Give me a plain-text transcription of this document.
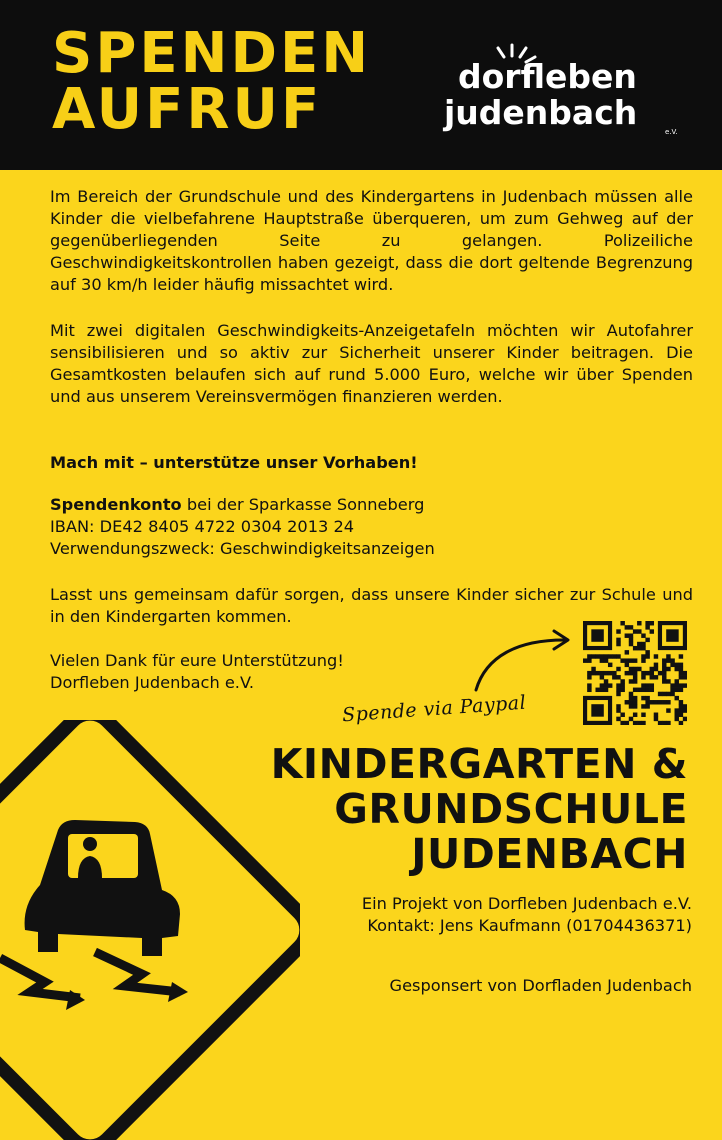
SPENDEN
AUFRUF
dorfleben
judenbach	e.V.

Im Bereich der Grundschule und des Kindergartens in Judenbach müssen alle Kinder die vielbefahrene Hauptstraße überqueren, um zum Gehweg auf der gegenüberliegenden Seite zu gelangen. Polizeiliche Geschwindigkeitskontrollen haben gezeigt, dass die dort geltende Begrenzung auf 30 km/h leider häufig missachtet wird.

Mit zwei digitalen Geschwindigkeits-Anzeigetafeln möchten wir Autofahrer sensibilisieren und so aktiv zur Sicherheit unserer Kinder beitragen. Die Gesamtkosten belaufen sich auf rund 5.000 Euro, welche wir über Spenden und aus unserem Vereinsvermögen finanzieren werden.

Mach mit – unterstütze unser Vorhaben!
Spendenkonto bei der Sparkasse Sonneberg
IBAN: DE42 8405 4722 0304 2013 24
Verwendungszweck: Geschwindigkeitsanzeigen

Lasst uns gemeinsam dafür sorgen, dass unsere Kinder sicher zur Schule und in den Kindergarten kommen.

Vielen Dank für eure Unterstützung!
Dorfleben Judenbach e.V.
Spende via Paypal
KINDERGARTEN &
GRUNDSCHULE
JUDENBACH
Ein Projekt von Dorfleben Judenbach e.V.
Kontakt: Jens Kaufmann (01704436371)
Gesponsert von Dorfladen Judenbach
